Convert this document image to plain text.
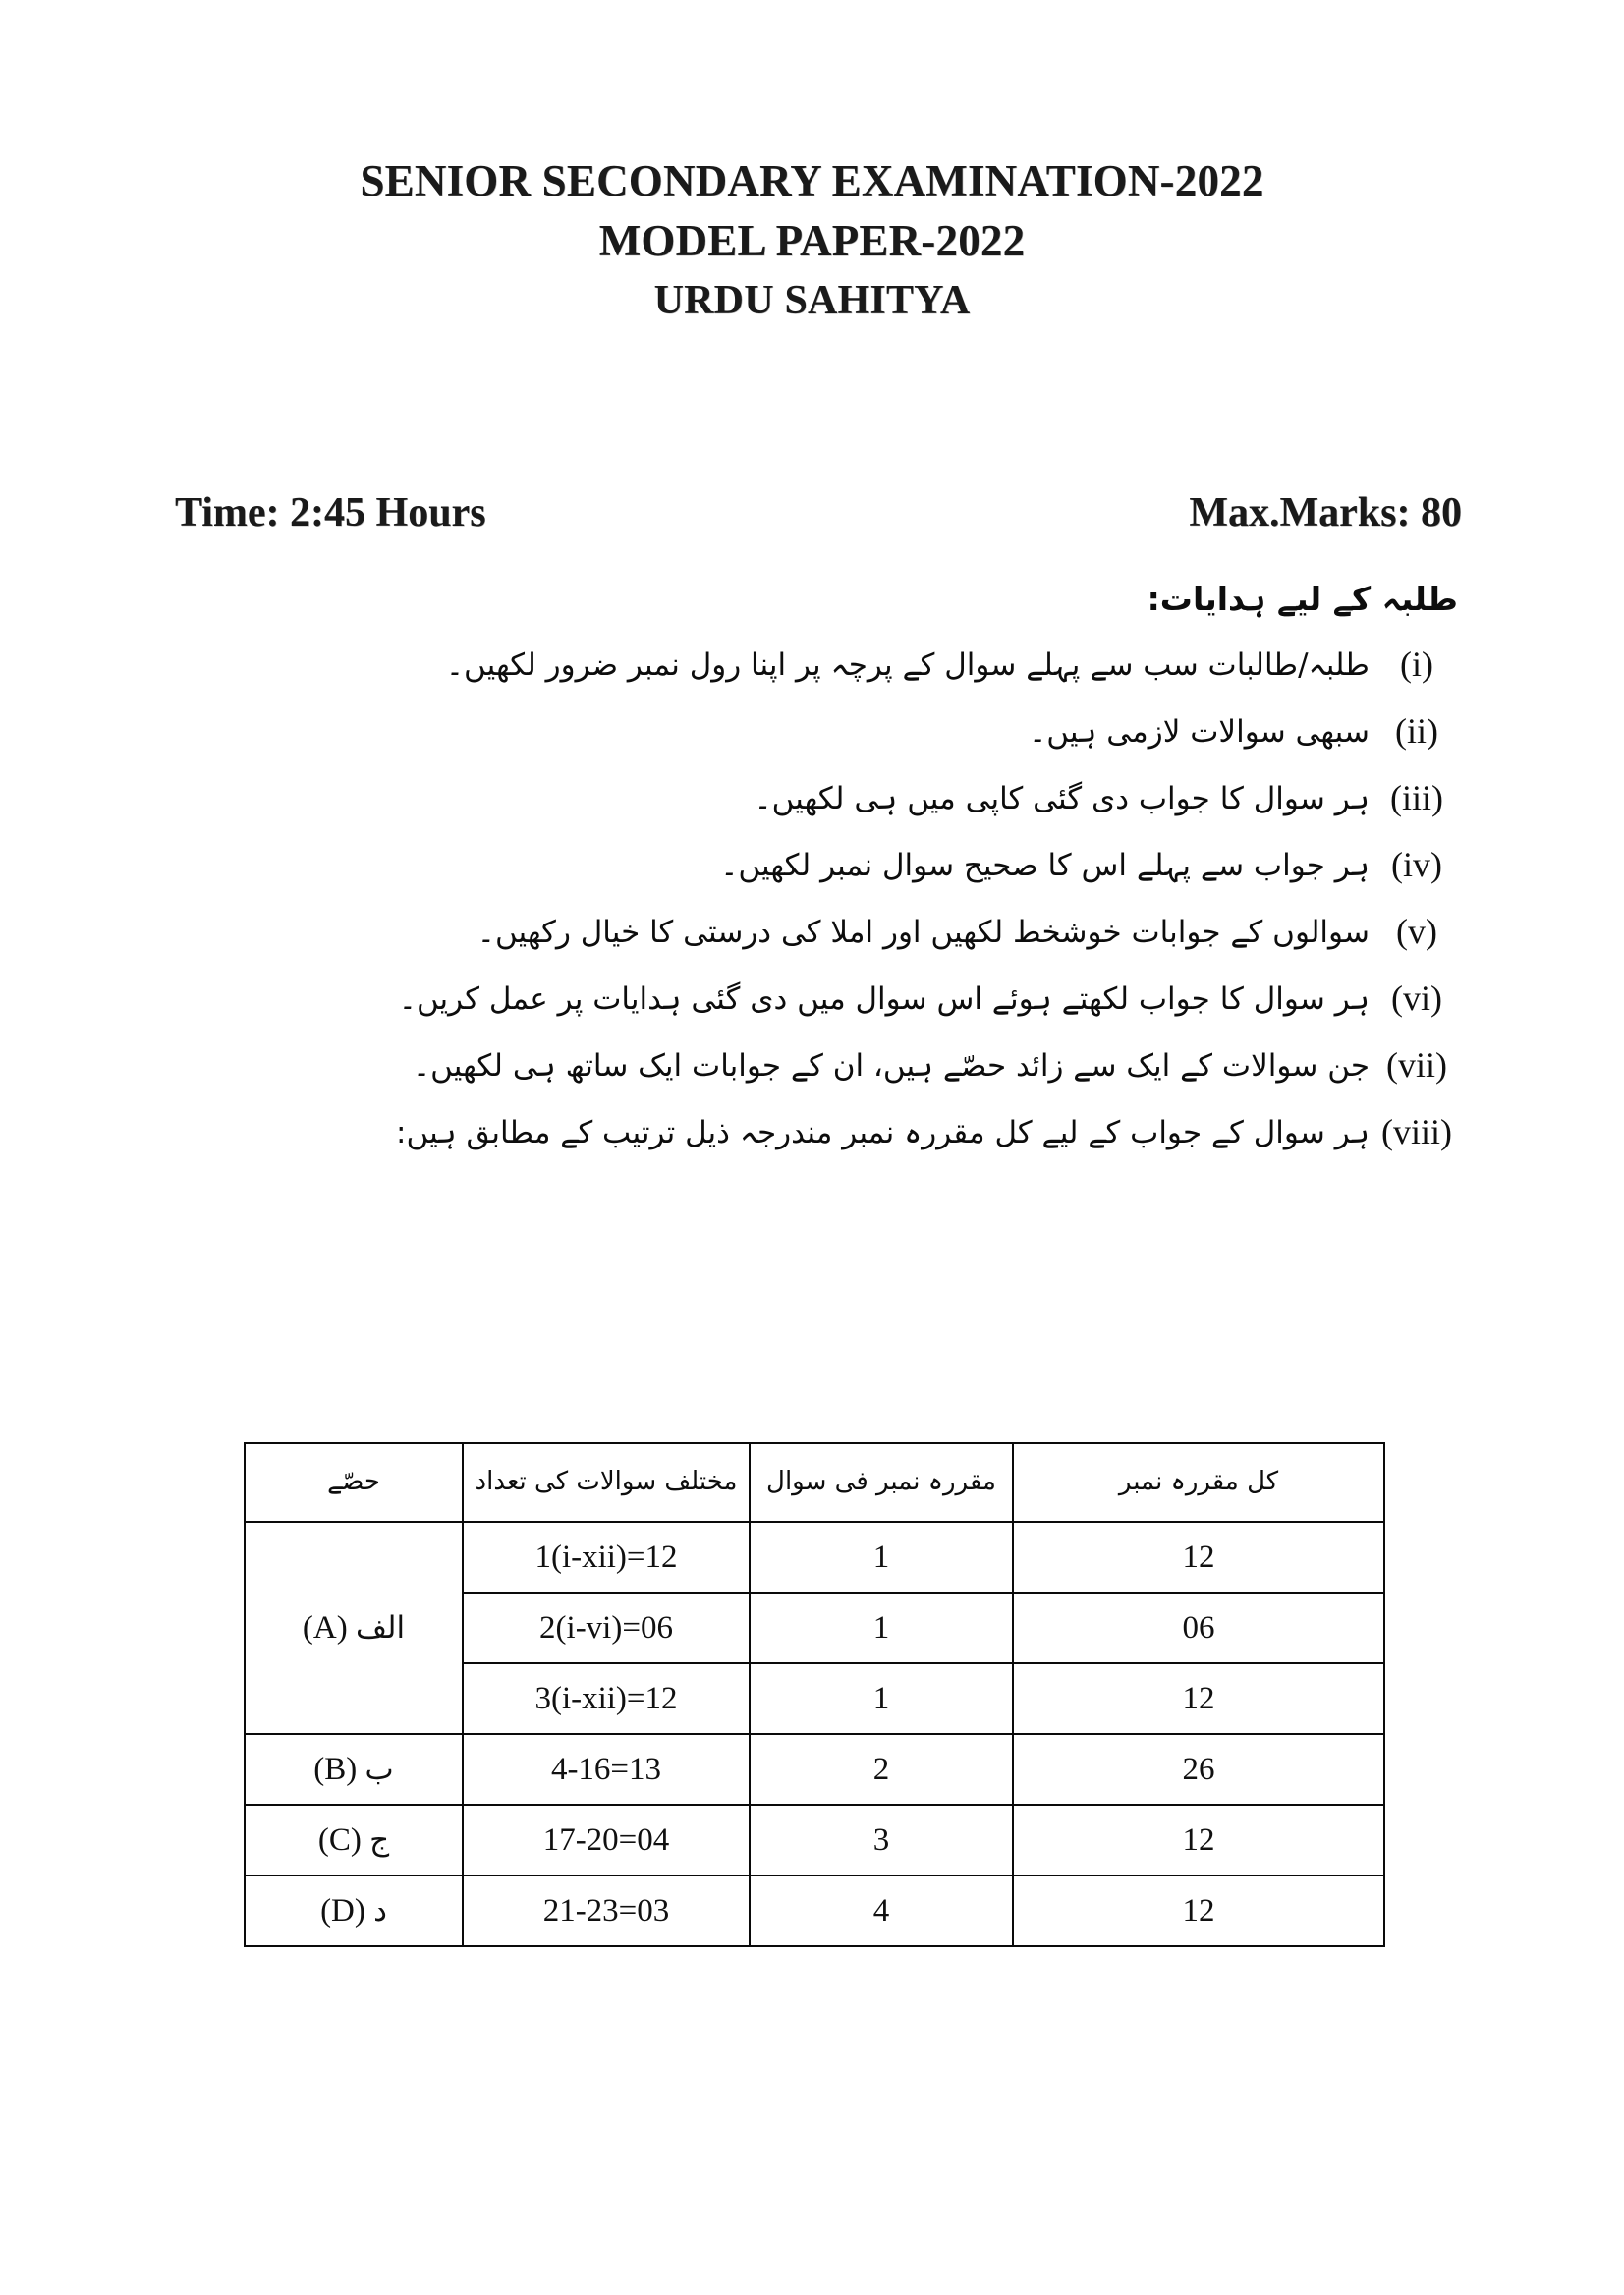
SENIOR SECONDARY EXAMINATION-2022
MODEL PAPER-2022
URDU SAHITYA
Time: 2:45 Hours	Max.Marks: 80
طلبہ کے لیے ہدایات:
(i)
طلبہ/طالبات سب سے پہلے سوال کے پرچہ پر اپنا رول نمبر ضرور لکھیں۔
(ii)
سبھی سوالات لازمی ہیں۔
(iii)
ہر سوال کا جواب دی گئی کاپی میں ہی لکھیں۔
(iv)
ہر جواب سے پہلے اس کا صحیح سوال نمبر لکھیں۔
(v)
سوالوں کے جوابات خوشخط لکھیں اور املا کی درستی کا خیال رکھیں۔
(vi)
ہر سوال کا جواب لکھتے ہوئے اس سوال میں دی گئی ہدایات پر عمل کریں۔
(vii)
جن سوالات کے ایک سے زائد حصّے ہیں، ان کے جوابات ایک ساتھ ہی لکھیں۔
(viii)
ہر سوال کے جواب کے لیے کل مقررہ نمبر مندرجہ ذیل ترتیب کے مطابق ہیں:
کل مقررہ نمبر	مقررہ نمبر فی سوال	مختلف سوالات کی تعداد	حصّے

12	1	1(i-xii)=12	الف (A)

06	1	2(i-vi)=06	

12	1	3(i-xii)=12	

26	2	4-16=13	ب (B)

12	3	17-20=04	ج (C)

12	4	21-23=03	د (D)
